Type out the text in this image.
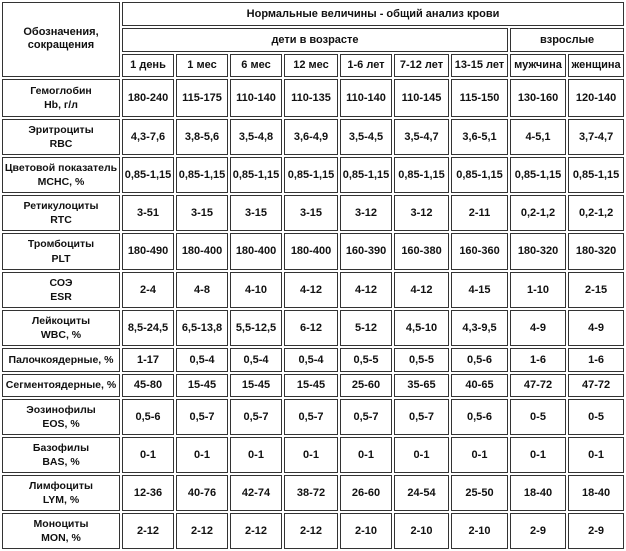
Обозначения,
сокращения	Нормальные величины - общий анализ крови								
	дети в возрасте							взрослые	
	1 день	1 мес	6 мес	12 мес	1-6 лет	7-12 лет	13-15 лет	мужчина	женщина
Гемоглобин
Hb, г/л	180-240	115-175	110-140	110-135	110-140	110-145	115-150	130-160	120-140
Эритроциты
RBC	4,3-7,6	3,8-5,6	3,5-4,8	3,6-4,9	3,5-4,5	3,5-4,7	3,6-5,1	4-5,1	3,7-4,7
Цветовой показатель
MCHC, %	0,85-1,15	0,85-1,15	0,85-1,15	0,85-1,15	0,85-1,15	0,85-1,15	0,85-1,15	0,85-1,15	0,85-1,15
Ретикулоциты
RTC	3-51	3-15	3-15	3-15	3-12	3-12	2-11	0,2-1,2	0,2-1,2
Тромбоциты
PLT	180-490	180-400	180-400	180-400	160-390	160-380	160-360	180-320	180-320
СОЭ
ESR	2-4	4-8	4-10	4-12	4-12	4-12	4-15	1-10	2-15
Лейкоциты
WBC, %	8,5-24,5	6,5-13,8	5,5-12,5	6-12	5-12	4,5-10	4,3-9,5	4-9	4-9
Палочкоядерные, %	1-17	0,5-4	0,5-4	0,5-4	0,5-5	0,5-5	0,5-6	1-6	1-6
Сегментоядерные, %	45-80	15-45	15-45	15-45	25-60	35-65	40-65	47-72	47-72
Эозинофилы
EOS, %	0,5-6	0,5-7	0,5-7	0,5-7	0,5-7	0,5-7	0,5-6	0-5	0-5
Базофилы
BAS, %	0-1	0-1	0-1	0-1	0-1	0-1	0-1	0-1	0-1
Лимфоциты
LYM, %	12-36	40-76	42-74	38-72	26-60	24-54	25-50	18-40	18-40
Моноциты
MON, %	2-12	2-12	2-12	2-12	2-10	2-10	2-10	2-9	2-9
